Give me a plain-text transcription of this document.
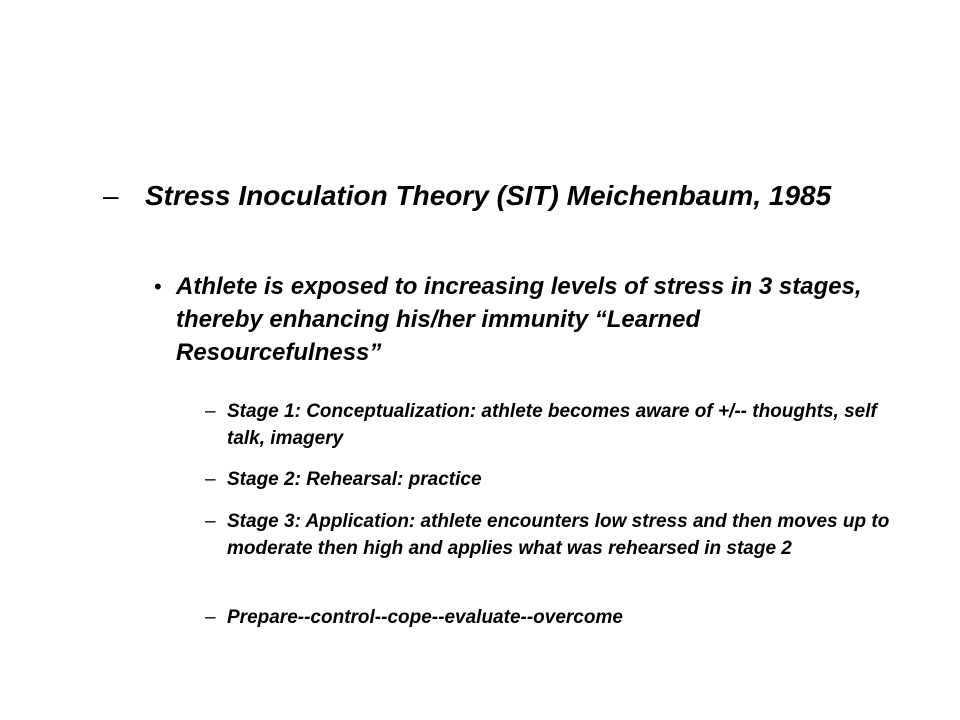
– Stress Inoculation Theory (SIT) Meichenbaum, 1985
• Athlete is exposed to increasing levels of stress in 3 stages, thereby enhancing his/her immunity “Learned Resourcefulness”
– Stage 1: Conceptualization: athlete becomes aware of +/-- thoughts, self talk, imagery
– Stage 2: Rehearsal: practice
– Stage 3: Application: athlete encounters low stress and then moves up to moderate then high and applies what was rehearsed in stage 2
– Prepare--control--cope--evaluate--overcome
